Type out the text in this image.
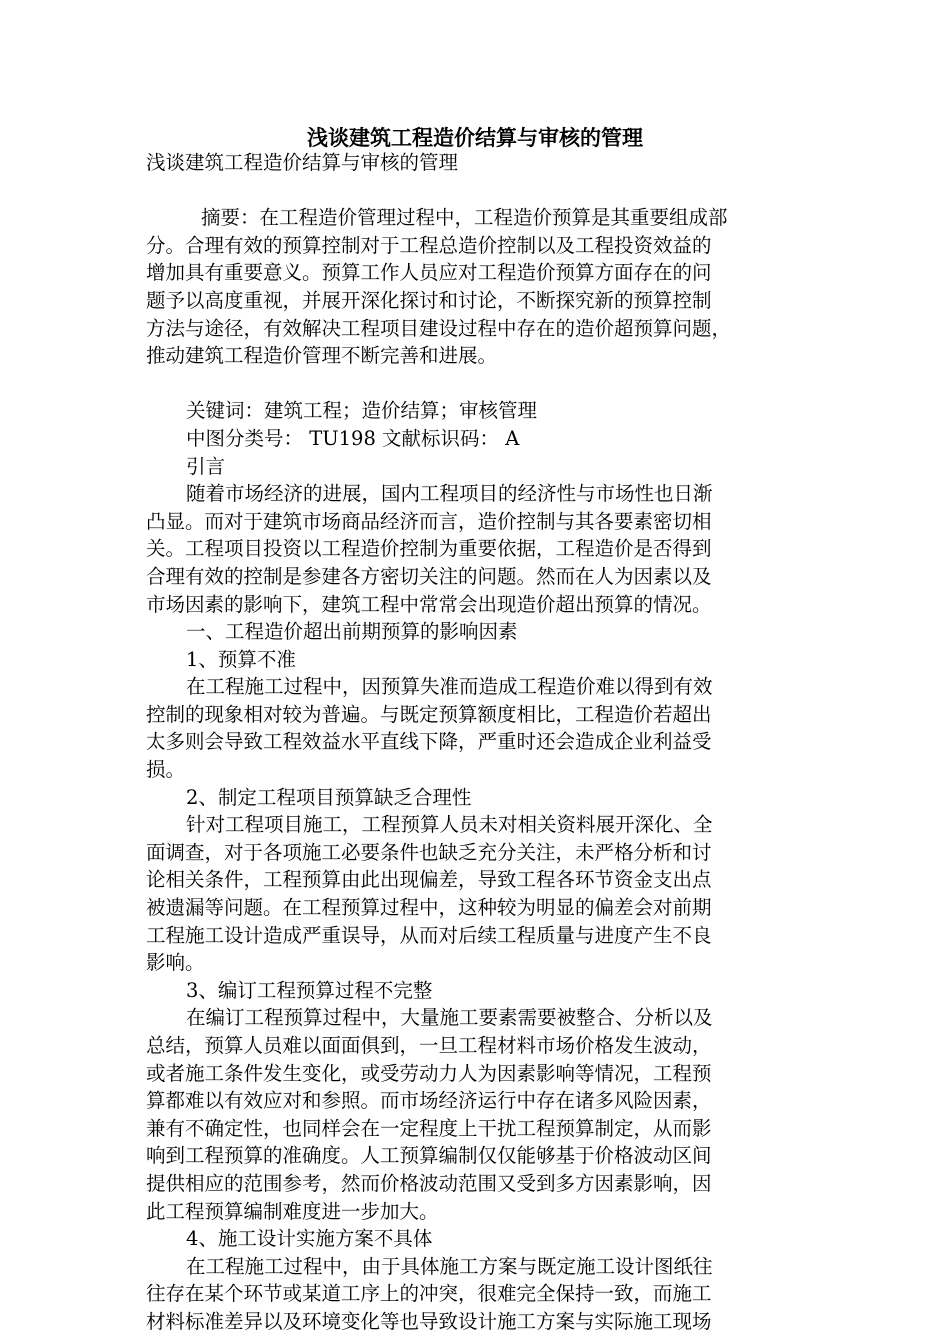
浅谈建筑工程造价结算与审核的管理

浅谈建筑工程造价结算与审核的管理

摘要：在工程造价管理过程中，工程造价预算是其重要组成部

分。合理有效的预算控制对于工程总造价控制以及工程投资效益的

增加具有重要意义。预算工作人员应对工程造价预算方面存在的问

题予以高度重视，并展开深化探讨和讨论，不断探究新的预算控制

方法与途径，有效解决工程项目建设过程中存在的造价超预算问题，

推动建筑工程造价管理不断完善和进展。

关键词：建筑工程；造价结算；审核管理

中图分类号： TU198 文献标识码： A

引言

随着市场经济的进展，国内工程项目的经济性与市场性也日渐

凸显。而对于建筑市场商品经济而言，造价控制与其各要素密切相

关。工程项目投资以工程造价控制为重要依据，工程造价是否得到

合理有效的控制是参建各方密切关注的问题。然而在人为因素以及

市场因素的影响下，建筑工程中常常会出现造价超出预算的情况。

一、工程造价超出前期预算的影响因素

1、预算不准

在工程施工过程中，因预算失准而造成工程造价难以得到有效

控制的现象相对较为普遍。与既定预算额度相比，工程造价若超出

太多则会导致工程效益水平直线下降，严重时还会造成企业利益受

损。

2、制定工程项目预算缺乏合理性

针对工程项目施工，工程预算人员未对相关资料展开深化、全

面调查，对于各项施工必要条件也缺乏充分关注，未严格分析和讨

论相关条件，工程预算由此出现偏差，导致工程各环节资金支出点

被遗漏等问题。在工程预算过程中，这种较为明显的偏差会对前期

工程施工设计造成严重误导，从而对后续工程质量与进度产生不良

影响。

3、编订工程预算过程不完整

在编订工程预算过程中，大量施工要素需要被整合、分析以及

总结，预算人员难以面面俱到，一旦工程材料市场价格发生波动，

或者施工条件发生变化，或受劳动力人为因素影响等情况，工程预

算都难以有效应对和参照。而市场经济运行中存在诸多风险因素，

兼有不确定性，也同样会在一定程度上干扰工程预算制定，从而影

响到工程预算的准确度。人工预算编制仅仅能够基于价格波动区间

提供相应的范围参考，然而价格波动范围又受到多方因素影响，因

此工程预算编制难度进一步加大。

4、施工设计实施方案不具体

在工程施工过程中，由于具体施工方案与既定施工设计图纸往

往存在某个环节或某道工序上的冲突，很难完全保持一致，而施工

材料标准差异以及环境变化等也导致设计施工方案与实际施工现场
